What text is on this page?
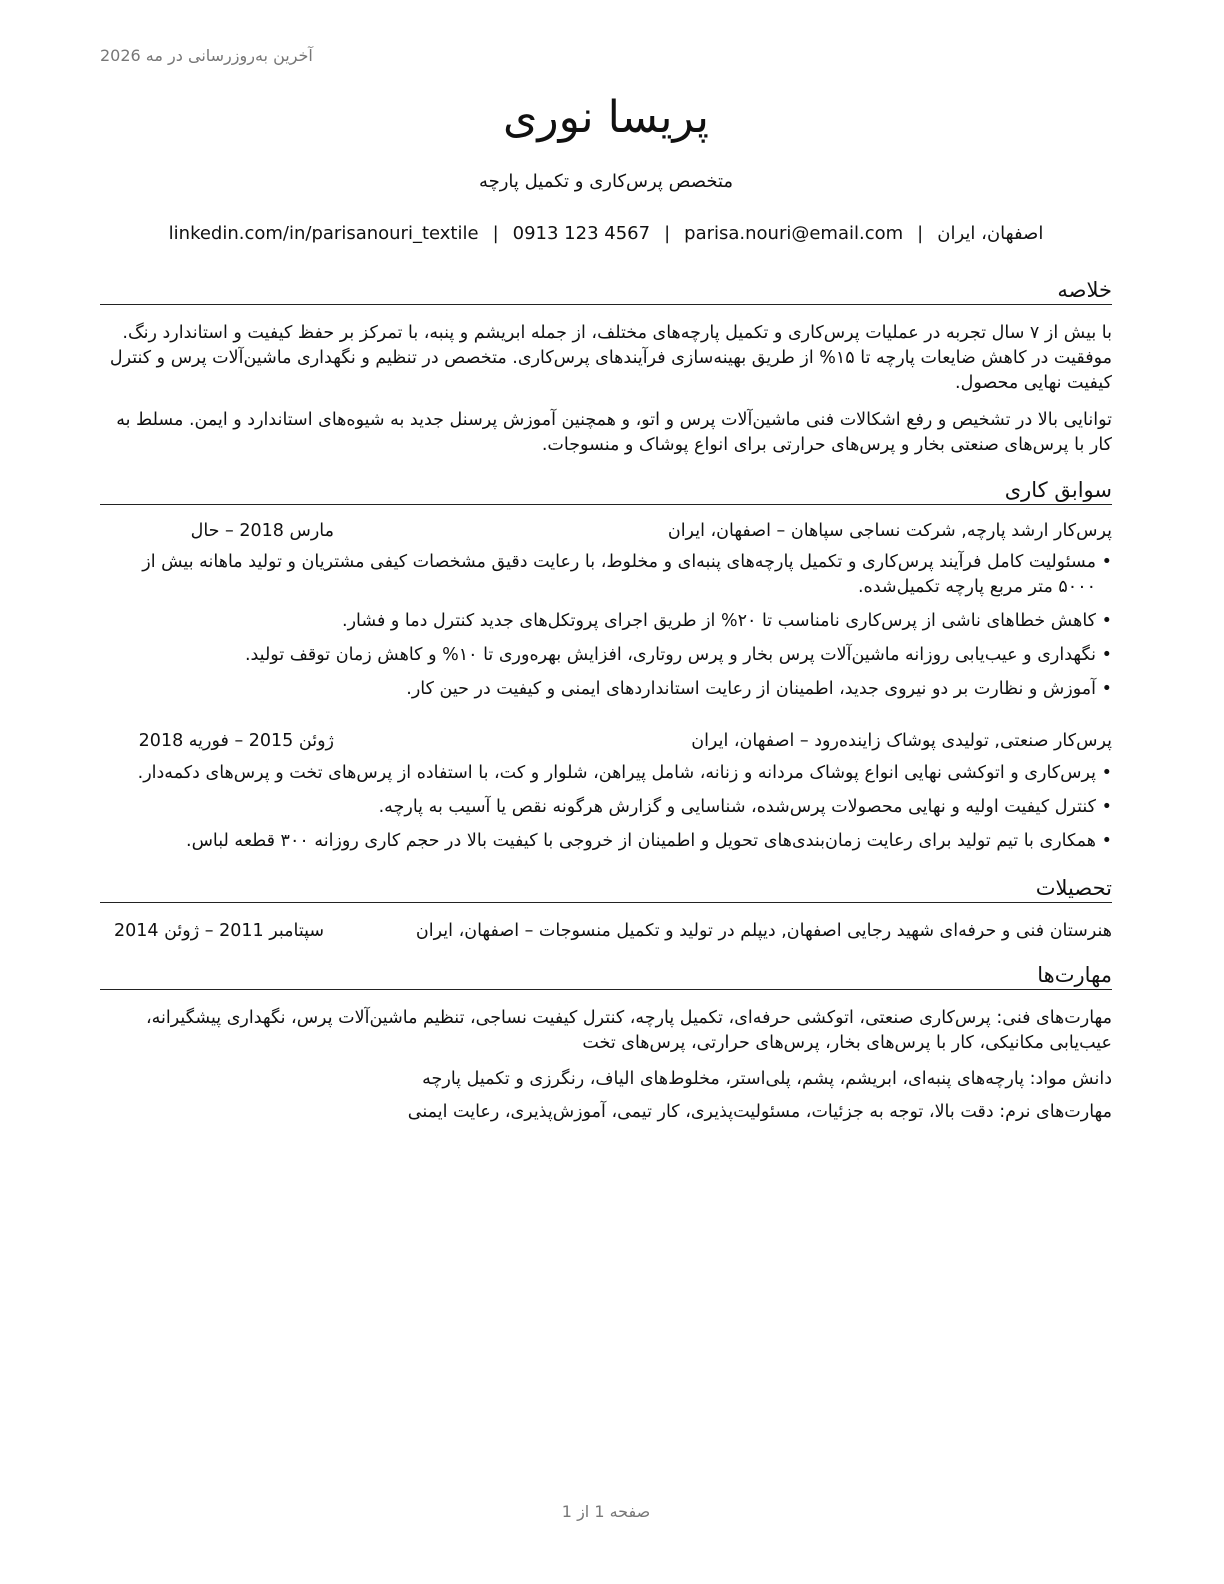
آخرین به‌روزرسانی در مه 2026
پریسا نوری
متخصص پرس‌کاری و تکمیل پارچه
اصفهان، ایران|parisa.nouri@email.com|0913 123 4567|linkedin.com/in/parisanouri_textile
خلاصه
با بیش از ۷ سال تجربه در عملیات پرس‌کاری و تکمیل پارچه‌های مختلف، از جمله ابریشم و پنبه، با تمرکز بر حفظ کیفیت و استاندارد رنگ. موفقیت در کاهش ضایعات پارچه تا ۱۵% از طریق بهینه‌سازی فرآیندهای پرس‌کاری. متخصص در تنظیم و نگهداری ماشین‌آلات پرس و کنترل کیفیت نهایی محصول.
توانایی بالا در تشخیص و رفع اشکالات فنی ماشین‌آلات پرس و اتو، و همچنین آموزش پرسنل جدید به شیوه‌های استاندارد و ایمن. مسلط به کار با پرس‌های صنعتی بخار و پرس‌های حرارتی برای انواع پوشاک و منسوجات.
سوابق کاری
پرس‌کار ارشد پارچه, شرکت نساجی سپاهان – اصفهان، ایران
مارس 2018 – حال
• مسئولیت کامل فرآیند پرس‌کاری و تکمیل پارچه‌های پنبه‌ای و مخلوط، با رعایت دقیق مشخصات کیفی مشتریان و تولید ماهانه بیش از ۵۰۰۰ متر مربع پارچه تکمیل‌شده.
• کاهش خطاهای ناشی از پرس‌کاری نامناسب تا ۲۰% از طریق اجرای پروتکل‌های جدید کنترل دما و فشار.
• نگهداری و عیب‌یابی روزانه ماشین‌آلات پرس بخار و پرس روتاری، افزایش بهره‌وری تا ۱۰% و کاهش زمان توقف تولید.
• آموزش و نظارت بر دو نیروی جدید، اطمینان از رعایت استانداردهای ایمنی و کیفیت در حین کار.
پرس‌کار صنعتی, تولیدی پوشاک زاینده‌رود – اصفهان، ایران
ژوئن 2015 – فوریه 2018
• پرس‌کاری و اتوکشی نهایی انواع پوشاک مردانه و زنانه، شامل پیراهن، شلوار و کت، با استفاده از پرس‌های تخت و پرس‌های دکمه‌دار.
• کنترل کیفیت اولیه و نهایی محصولات پرس‌شده، شناسایی و گزارش هرگونه نقص یا آسیب به پارچه.
• همکاری با تیم تولید برای رعایت زمان‌بندی‌های تحویل و اطمینان از خروجی با کیفیت بالا در حجم کاری روزانه ۳۰۰ قطعه لباس.
تحصیلات
هنرستان فنی و حرفه‌ای شهید رجایی اصفهان, دیپلم در تولید و تکمیل منسوجات – اصفهان، ایران
سپتامبر 2011 – ژوئن 2014
مهارت‌ها
مهارت‌های فنی: پرس‌کاری صنعتی، اتوکشی حرفه‌ای، تکمیل پارچه، کنترل کیفیت نساجی، تنظیم ماشین‌آلات پرس، نگهداری پیشگیرانه، عیب‌یابی مکانیکی، کار با پرس‌های بخار، پرس‌های حرارتی، پرس‌های تخت
دانش مواد: پارچه‌های پنبه‌ای، ابریشم، پشم، پلی‌استر، مخلوط‌های الیاف، رنگرزی و تکمیل پارچه
مهارت‌های نرم: دقت بالا، توجه به جزئیات، مسئولیت‌پذیری، کار تیمی، آموزش‌پذیری، رعایت ایمنی
صفحه 1 از 1
